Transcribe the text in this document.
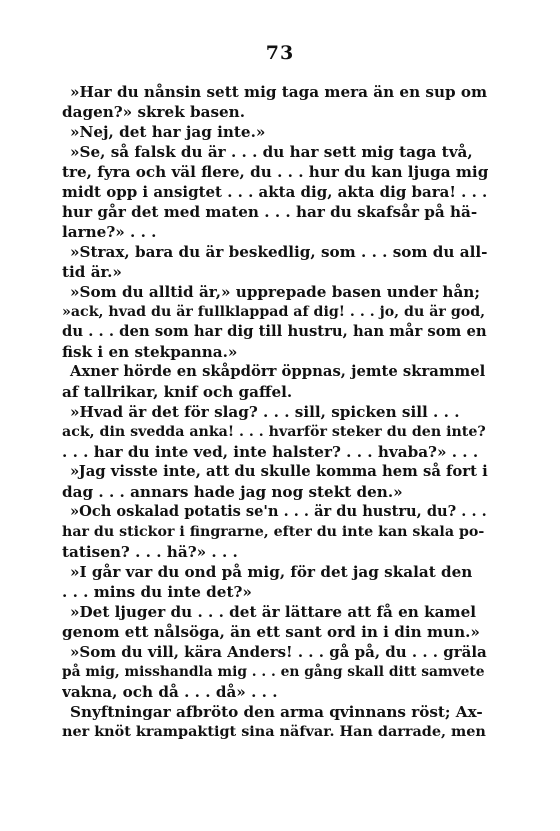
73
»Har du nånsin sett mig taga mera än en sup om
dagen?» skrek basen.
»Nej, det har jag inte.»
»Se, så falsk du är . . . du har sett mig taga två,
tre, fyra och väl flere, du . . . hur du kan ljuga mig
midt opp i ansigtet . . . akta dig, akta dig bara! . . .
hur går det med maten . . . har du skafsår på hä-
larne?» . . .
»Strax, bara du är beskedlig, som . . . som du all-
tid är.»
»Som du alltid är,» upprepade basen under hån;
»ack, hvad du är fullklappad af dig! . . . jo, du är god,
du . . . den som har dig till hustru, han mår som en
fisk i en stekpanna.»
Axner hörde en skåpdörr öppnas, jemte skrammel
af tallrikar, knif och gaffel.
»Hvad är det för slag? . . . sill, spicken sill . . .
ack, din svedda anka! . . . hvarför steker du den inte?
. . . har du inte ved, inte halster? . . . hvaba?» . . .
»Jag visste inte, att du skulle komma hem så fort i
dag . . . annars hade jag nog stekt den.»
»Och oskalad potatis se'n . . . är du hustru, du? . . .
har du stickor i fingrarne, efter du inte kan skala po-
tatisen? . . . hä?» . . .
»I går var du ond på mig, för det jag skalat den
. . . mins du inte det?»
»Det ljuger du . . . det är lättare att få en kamel
genom ett nålsöga, än ett sant ord in i din mun.»
»Som du vill, kära Anders! . . . gå på, du . . . gräla
på mig, misshandla mig . . . en gång skall ditt samvete
vakna, och då . . . då» . . .
Snyftningar afbröto den arma qvinnans röst; Ax-
ner knöt krampaktigt sina näfvar. Han darrade, men
